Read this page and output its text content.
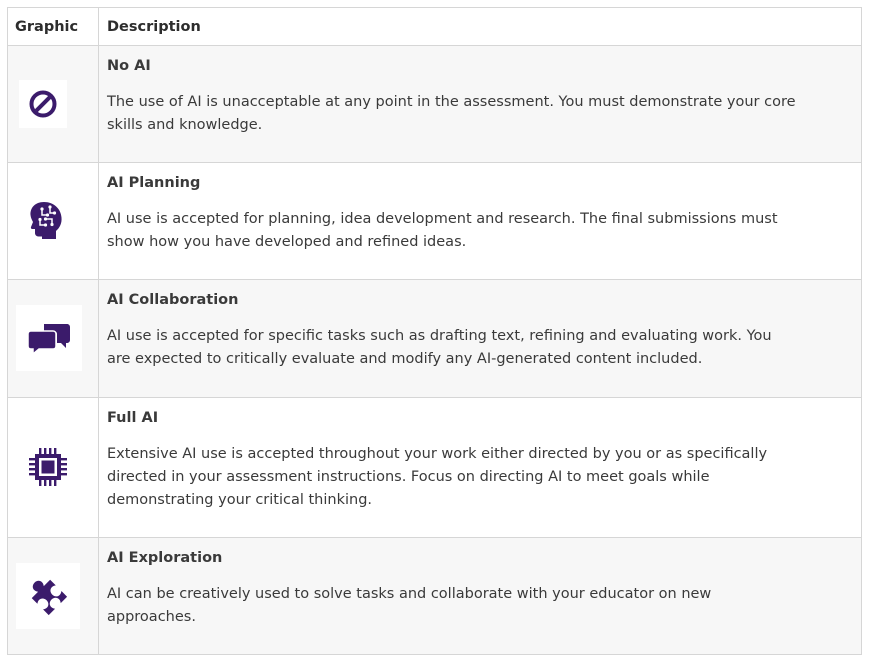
Graphic	Description
No AI
The use of AI is unacceptable at any point in the assessment. You must demonstrate your core skills and knowledge.
AI Planning
AI use is accepted for planning, idea development and research. The final submissions must show how you have developed and refined ideas.
AI Collaboration
AI use is accepted for specific tasks such as drafting text, refining and evaluating work. You are expected to critically evaluate and modify any AI-generated content included.
Full AI
Extensive AI use is accepted throughout your work either directed by you or as specifically directed in your assessment instructions. Focus on directing AI to meet goals while demonstrating your critical thinking.
AI Exploration
AI can be creatively used to solve tasks and collaborate with your educator on new approaches.
